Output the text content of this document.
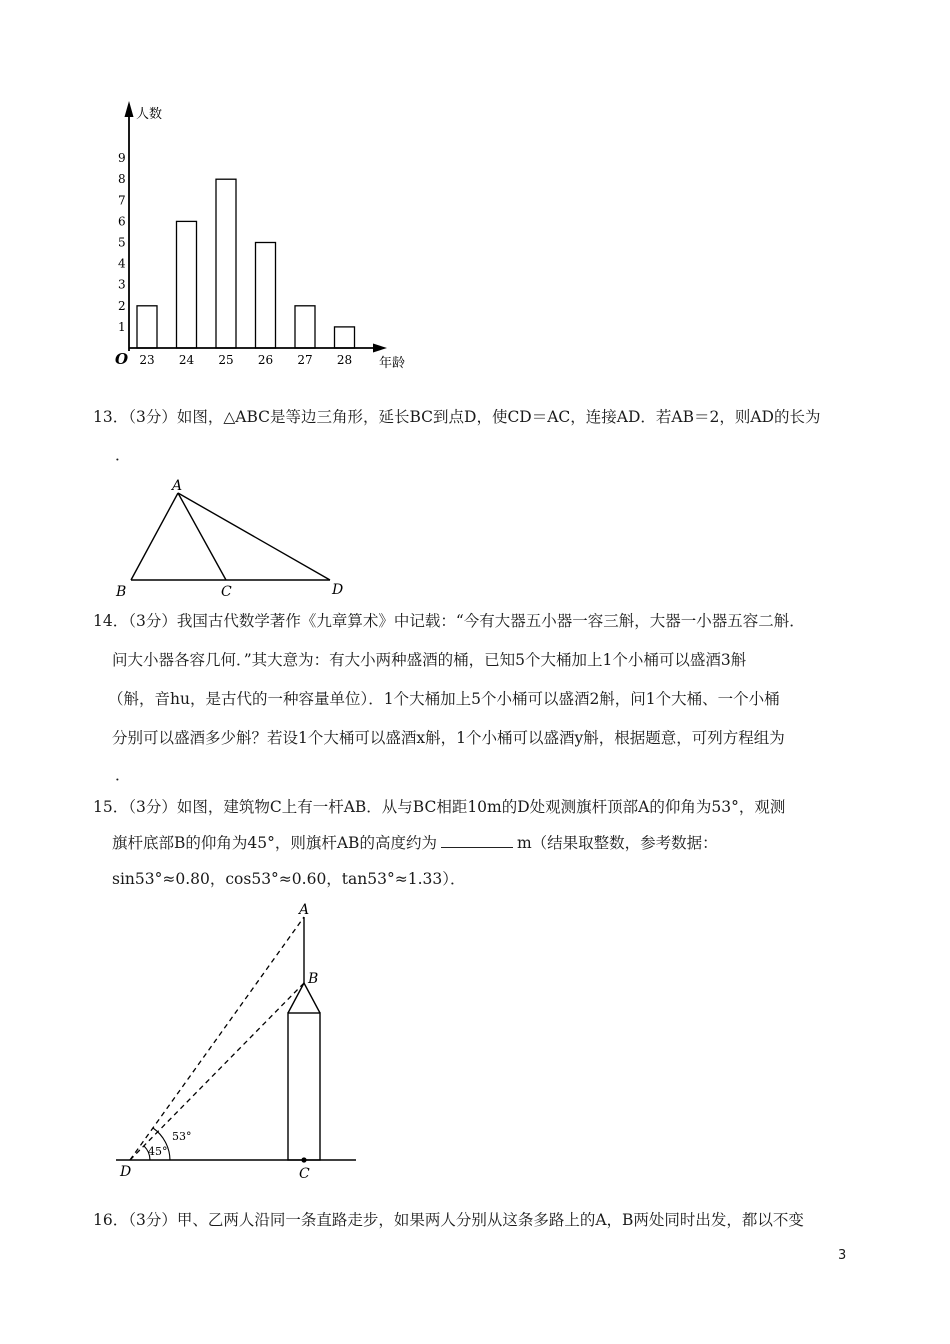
人数
年龄
O
1
2
3
4
5
6
7
8
9
23 24 25 26 27 28
13．（3分）如图，△ABC是等边三角形，延长BC到点D，使CD＝AC，连接AD．若AB＝2，则AD的长为
．
A
B	C	D
14．（3分）我国古代数学著作《九章算术》中记载：“今有大器五小器一容三斛，大器一小器五容二斛．
问大小器各容几何．”其大意为：有大小两种盛酒的桶，已知5个大桶加上1个小桶可以盛酒3斛
（斛，音hu，是古代的一种容量单位）．1个大桶加上5个小桶可以盛酒2斛，问1个大桶、一个小桶
分别可以盛酒多少斛？若设1个大桶可以盛酒x斛，1个小桶可以盛酒y斛，根据题意，可列方程组为
．
15．（3分）如图，建筑物C上有一杆AB．从与BC相距10m的D处观测旗杆顶部A的仰角为53°，观测
旗杆底部B的仰角为45°，则旗杆AB的高度约为	m（结果取整数，参考数据：
sin53°≈0.80，cos53°≈0.60，tan53°≈1.33）．
A
B
C
D
53°
45°
16．（3分）甲、乙两人沿同一条直路走步，如果两人分别从这条多路上的A，B两处同时出发，都以不变
3
